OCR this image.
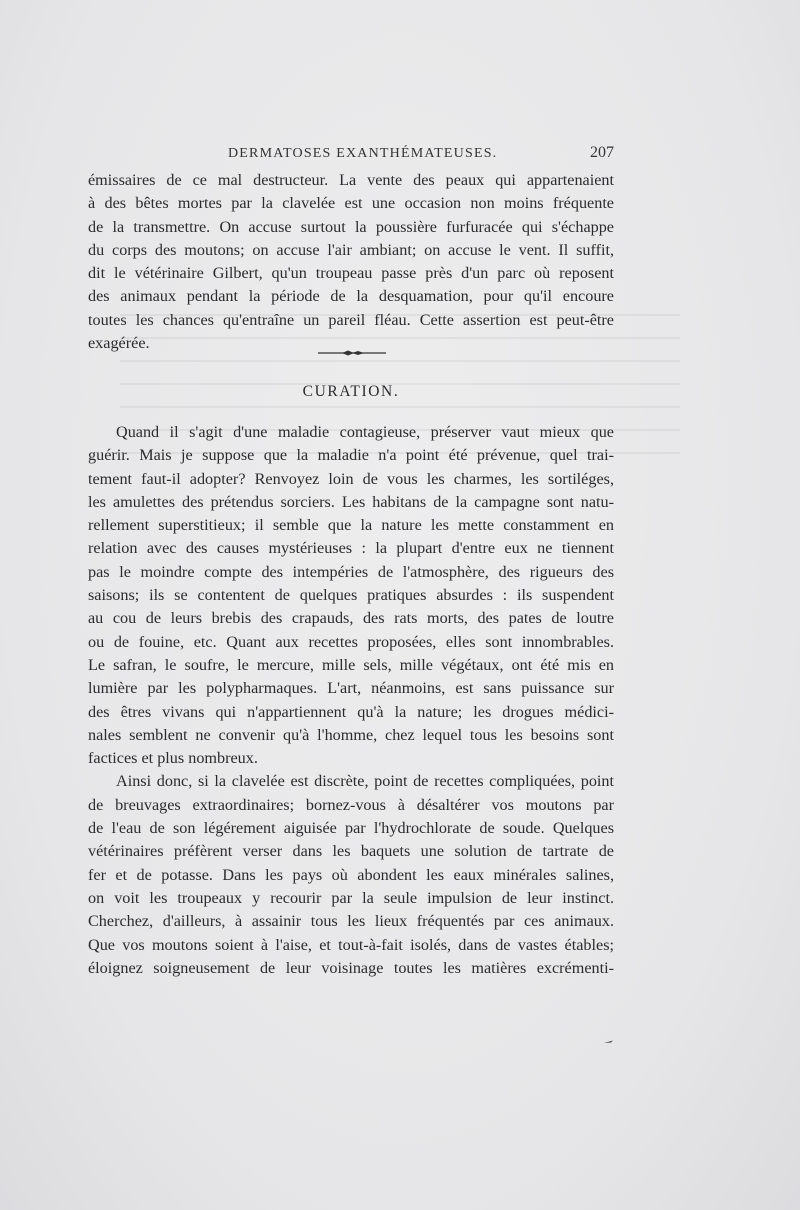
DERMATOSES EXANTHÉMATEUSES.	207
émissaires de ce mal destructeur. La vente des peaux qui appartenaient
à des bêtes mortes par la clavelée est une occasion non moins fréquente
de la transmettre. On accuse surtout la poussière furfuracée qui s'échappe
du corps des moutons; on accuse l'air ambiant; on accuse le vent. Il suffit,
dit le vétérinaire Gilbert, qu'un troupeau passe près d'un parc où reposent
des animaux pendant la période de la desquamation, pour qu'il encoure
toutes les chances qu'entraîne un pareil fléau. Cette assertion est peut-être
exagérée.
CURATION.
Quand il s'agit d'une maladie contagieuse, préserver vaut mieux que
guérir. Mais je suppose que la maladie n'a point été prévenue, quel trai-
tement faut-il adopter? Renvoyez loin de vous les charmes, les sortiléges,
les amulettes des prétendus sorciers. Les habitans de la campagne sont natu-
rellement superstitieux; il semble que la nature les mette constamment en
relation avec des causes mystérieuses : la plupart d'entre eux ne tiennent
pas le moindre compte des intempéries de l'atmosphère, des rigueurs des
saisons; ils se contentent de quelques pratiques absurdes : ils suspendent
au cou de leurs brebis des crapauds, des rats morts, des pates de loutre
ou de fouine, etc. Quant aux recettes proposées, elles sont innombrables.
Le safran, le soufre, le mercure, mille sels, mille végétaux, ont été mis en
lumière par les polypharmaques. L'art, néanmoins, est sans puissance sur
des êtres vivans qui n'appartiennent qu'à la nature; les drogues médici-
nales semblent ne convenir qu'à l'homme, chez lequel tous les besoins sont
factices et plus nombreux.
Ainsi donc, si la clavelée est discrète, point de recettes compliquées, point
de breuvages extraordinaires; bornez-vous à désaltérer vos moutons par
de l'eau de son légérement aiguisée par l'hydrochlorate de soude. Quelques
vétérinaires préfèrent verser dans les baquets une solution de tartrate de
fer et de potasse. Dans les pays où abondent les eaux minérales salines,
on voit les troupeaux y recourir par la seule impulsion de leur instinct.
Cherchez, d'ailleurs, à assainir tous les lieux fréquentés par ces animaux.
Que vos moutons soient à l'aise, et tout-à-fait isolés, dans de vastes étables;
éloignez soigneusement de leur voisinage toutes les matières excrémenti-
